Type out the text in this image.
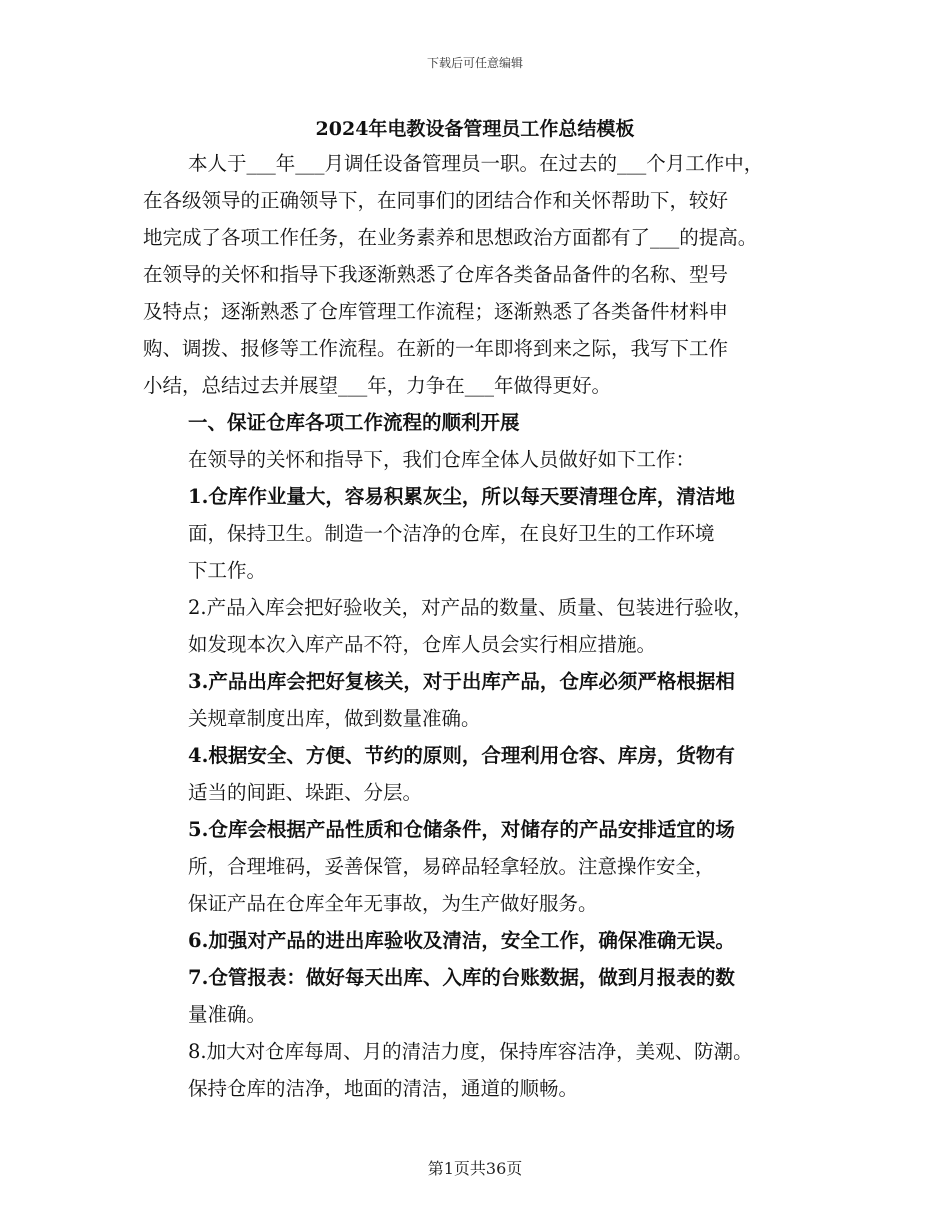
下载后可任意编辑
2024年电教设备管理员工作总结模板
本人于___年___月调任设备管理员一职。在过去的___个月工作中，
在各级领导的正确领导下，在同事们的团结合作和关怀帮助下，较好
地完成了各项工作任务，在业务素养和思想政治方面都有了___的提高。
在领导的关怀和指导下我逐渐熟悉了仓库各类备品备件的名称、型号
及特点；逐渐熟悉了仓库管理工作流程；逐渐熟悉了各类备件材料申
购、调拨、报修等工作流程。在新的一年即将到来之际，我写下工作
小结，总结过去并展望___年，力争在___年做得更好。
一、保证仓库各项工作流程的顺利开展
在领导的关怀和指导下，我们仓库全体人员做好如下工作：
1.仓库作业量大，容易积累灰尘，所以每天要清理仓库，清洁地
面，保持卫生。制造一个洁净的仓库，在良好卫生的工作环境
下工作。
2.产品入库会把好验收关，对产品的数量、质量、包装进行验收，
如发现本次入库产品不符，仓库人员会实行相应措施。
3.产品出库会把好复核关，对于出库产品，仓库必须严格根据相
关规章制度出库，做到数量准确。
4.根据安全、方便、节约的原则，合理利用仓容、库房，货物有
适当的间距、垛距、分层。
5.仓库会根据产品性质和仓储条件，对储存的产品安排适宜的场
所，合理堆码，妥善保管，易碎品轻拿轻放。注意操作安全，
保证产品在仓库全年无事故，为生产做好服务。
6.加强对产品的进出库验收及清洁，安全工作，确保准确无误。
7.仓管报表：做好每天出库、入库的台账数据，做到月报表的数
量准确。
8.加大对仓库每周、月的清洁力度，保持库容洁净，美观、防潮。
保持仓库的洁净，地面的清洁，通道的顺畅。
第1页共36页
